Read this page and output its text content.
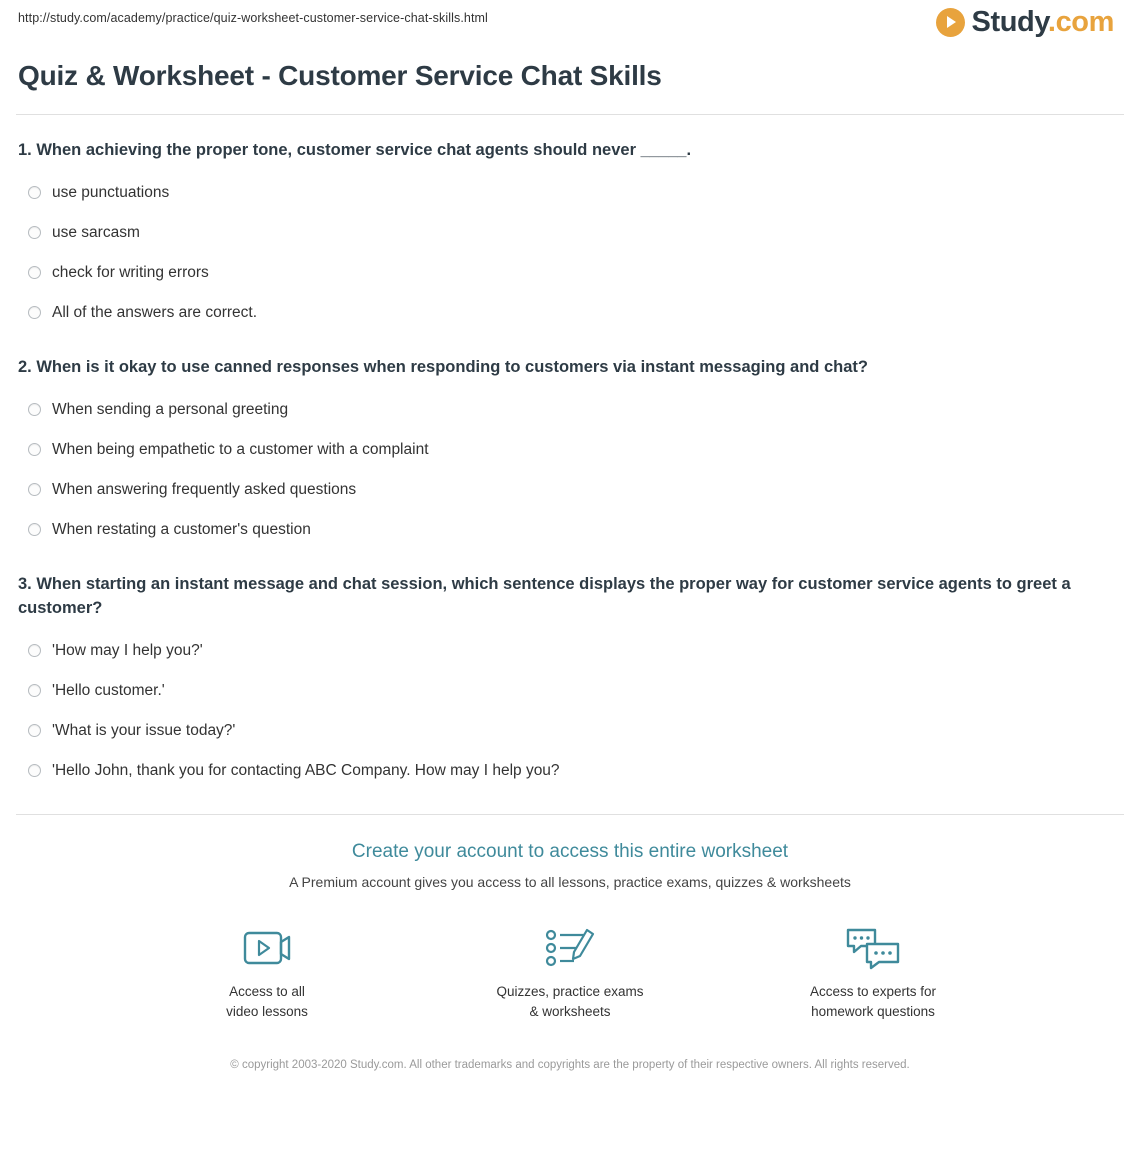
http://study.com/academy/practice/quiz-worksheet-customer-service-chat-skills.html	Study.com
Quiz & Worksheet - Customer Service Chat Skills

1. When achieving the proper tone, customer service chat agents should never _____.

use punctuations
use sarcasm
check for writing errors
All of the answers are correct.

2. When is it okay to use canned responses when responding to customers via instant messaging and chat?

When sending a personal greeting
When being empathetic to a customer with a complaint
When answering frequently asked questions
When restating a customer's question

3. When starting an instant message and chat session, which sentence displays the proper way for customer service agents to greet a customer?

'How may I help you?'
'Hello customer.'
'What is your issue today?'
'Hello John, thank you for contacting ABC Company. How may I help you?
Create your account to access this entire worksheet
A Premium account gives you access to all lessons, practice exams, quizzes & worksheets
Access to all
video lessons
Quizzes, practice exams
& worksheets
Access to experts for
homework questions
© copyright 2003-2020 Study.com. All other trademarks and copyrights are the property of their respective owners. All rights reserved.
